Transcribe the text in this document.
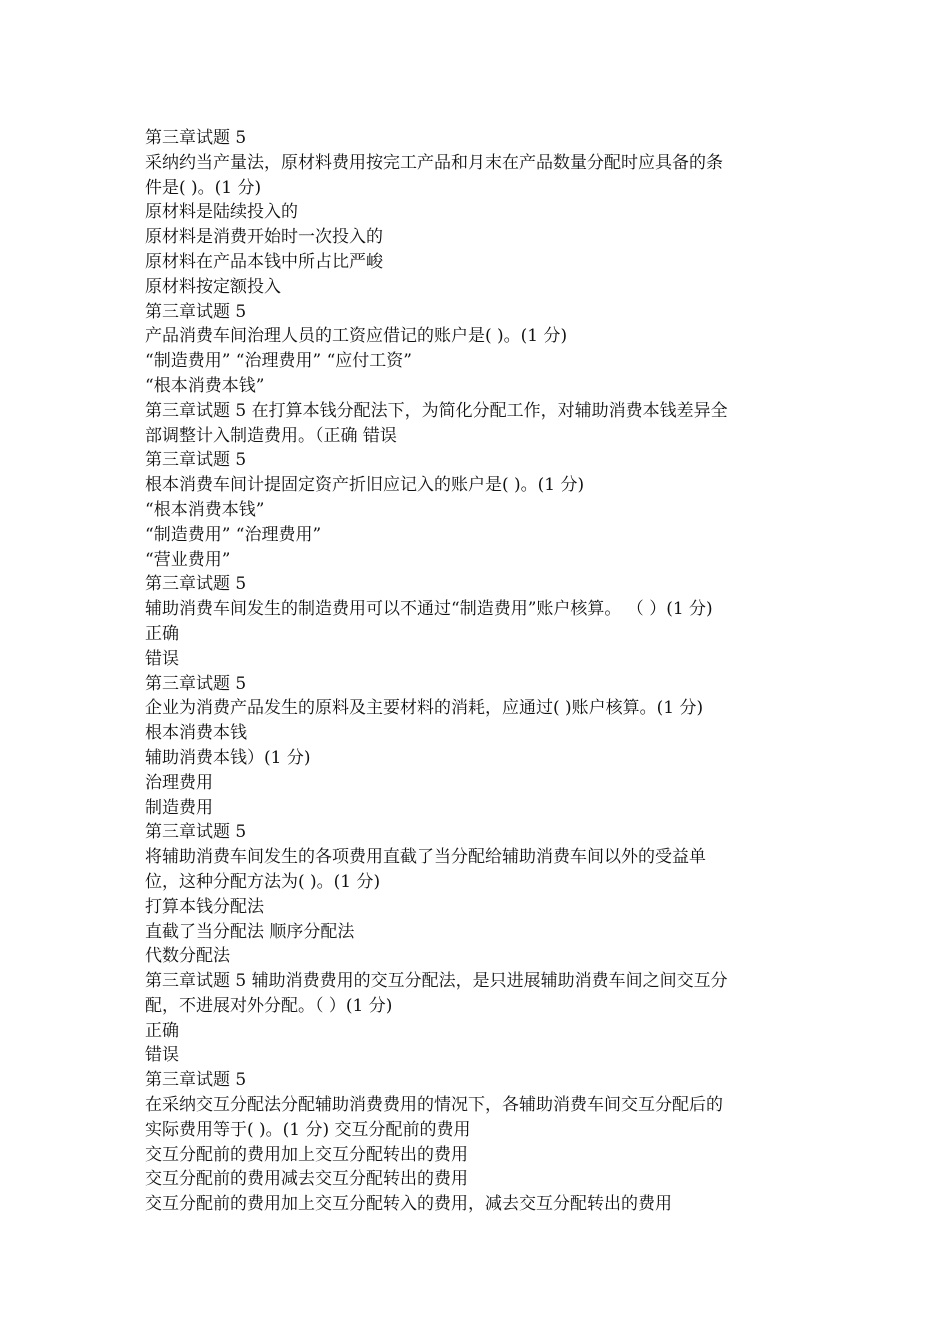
第三章试题 5
采纳约当产量法，原材料费用按完工产品和月末在产品数量分配时应具备的条
件是( )。(1 分)
原材料是陆续投入的
原材料是消费开始时一次投入的
原材料在产品本钱中所占比严峻
原材料按定额投入
第三章试题 5
产品消费车间治理人员的工资应借记的账户是( )。(1 分)
“制造费用” “治理费用” “应付工资”
“根本消费本钱”
第三章试题 5 在打算本钱分配法下，为简化分配工作，对辅助消费本钱差异全
部调整计入制造费用。（正确 错误
第三章试题 5
根本消费车间计提固定资产折旧应记入的账户是( )。(1 分)
“根本消费本钱”
“制造费用” “治理费用”
“营业费用”
第三章试题 5
辅助消费车间发生的制造费用可以不通过“制造费用”账户核算。 （ ）(1 分)
正确
错误
第三章试题 5
企业为消费产品发生的原料及主要材料的消耗，应通过( )账户核算。(1 分)
根本消费本钱
辅助消费本钱）(1 分)
治理费用
制造费用
第三章试题 5
将辅助消费车间发生的各项费用直截了当分配给辅助消费车间以外的受益单
位，这种分配方法为( )。(1 分)
打算本钱分配法
直截了当分配法 顺序分配法
代数分配法
第三章试题 5 辅助消费费用的交互分配法，是只进展辅助消费车间之间交互分
配，不进展对外分配。（ ）(1 分)
正确
错误
第三章试题 5
在采纳交互分配法分配辅助消费费用的情况下，各辅助消费车间交互分配后的
实际费用等于( )。(1 分) 交互分配前的费用
交互分配前的费用加上交互分配转出的费用
交互分配前的费用减去交互分配转出的费用
交互分配前的费用加上交互分配转入的费用，减去交互分配转出的费用
